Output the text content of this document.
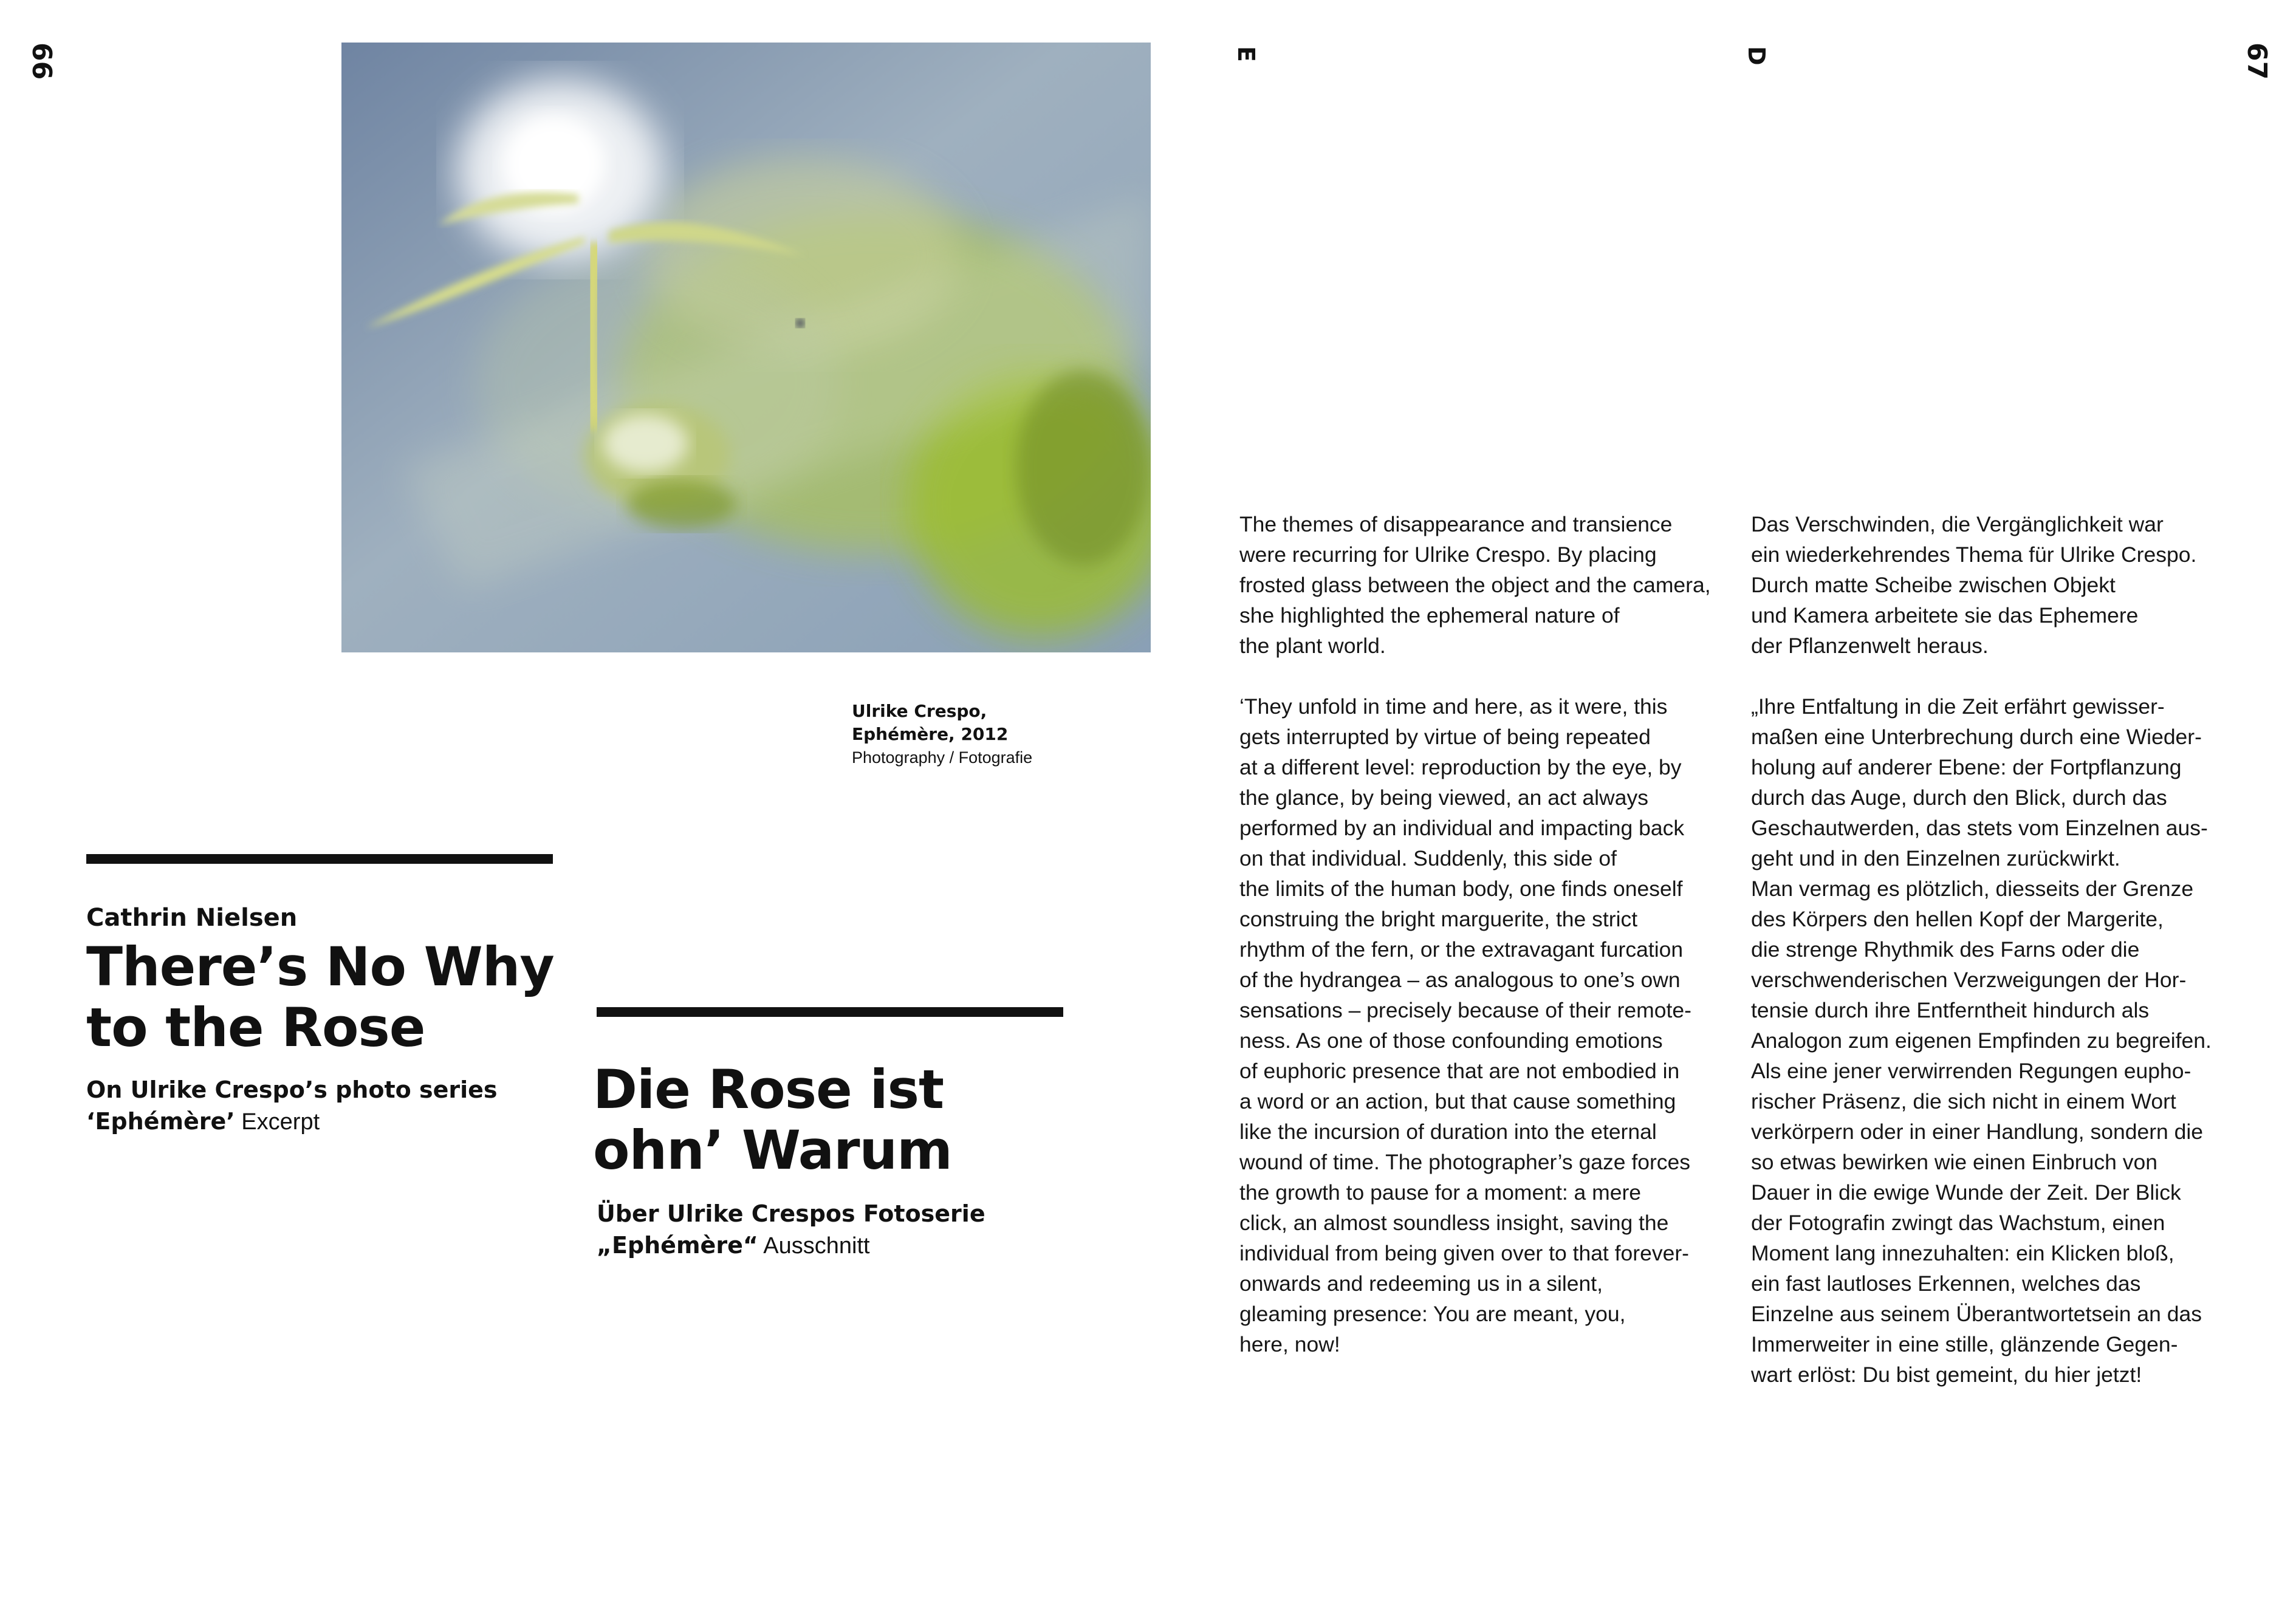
66	67
E	D
Ulrike Crespo,
Ephémère, 2012
Photography / Fotografie
Cathrin Nielsen
There’s No Why
to the Rose
On Ulrike Crespo’s photo series
‘Ephémère’ Excerpt
Die Rose ist
ohn’ Warum
Über Ulrike Crespos Fotoserie
„Ephémère“ Ausschnitt
The themes of disappearance and transience
were recurring for Ulrike Crespo. By placing
frosted glass between the object and the camera,
she highlighted the ephemeral nature of
the plant world.
‘They unfold in time and here, as it were, this
gets interrupted by virtue of being repeated
at a different level: reproduction by the eye, by
the glance, by being viewed, an act always
performed by an individual and impacting back
on that individual. Suddenly, this side of
the limits of the human body, one finds oneself
construing the bright marguerite, the strict
rhythm of the fern, or the extravagant furcation
of the hydrangea – as analogous to one’s own
sensations – precisely because of their remote-
ness. As one of those confounding emotions
of euphoric presence that are not embodied in
a word or an action, but that cause something
like the incursion of duration into the eternal
wound of time. The photographer’s gaze forces
the growth to pause for a moment: a mere
click, an almost soundless insight, saving the
individual from being given over to that forever-
onwards and redeeming us in a silent,
gleaming presence: You are meant, you,
here, now!
Das Verschwinden, die Vergänglichkeit war
ein wiederkehrendes Thema für Ulrike Crespo.
Durch matte Scheibe zwischen Objekt
und Kamera arbeitete sie das Ephemere
der Pflanzenwelt heraus.
„Ihre Entfaltung in die Zeit erfährt gewisser-
maßen eine Unterbrechung durch eine Wieder-
holung auf anderer Ebene: der Fortpflanzung
durch das Auge, durch den Blick, durch das
Geschautwerden, das stets vom Einzelnen aus-
geht und in den Einzelnen zurückwirkt.
Man vermag es plötzlich, diesseits der Grenze
des Körpers den hellen Kopf der Margerite,
die strenge Rhythmik des Farns oder die
verschwenderischen Verzweigungen der Hor-
tensie durch ihre Entferntheit hindurch als
Analogon zum eigenen Empfinden zu begreifen.
Als eine jener verwirrenden Regungen eupho-
rischer Präsenz, die sich nicht in einem Wort
verkörpern oder in einer Handlung, sondern die
so etwas bewirken wie einen Einbruch von
Dauer in die ewige Wunde der Zeit. Der Blick
der Fotografin zwingt das Wachstum, einen
Moment lang innezuhalten: ein Klicken bloß,
ein fast lautloses Erkennen, welches das
Einzelne aus seinem Überantwortetsein an das
Immerweiter in eine stille, glänzende Gegen-
wart erlöst: Du bist gemeint, du hier jetzt!
